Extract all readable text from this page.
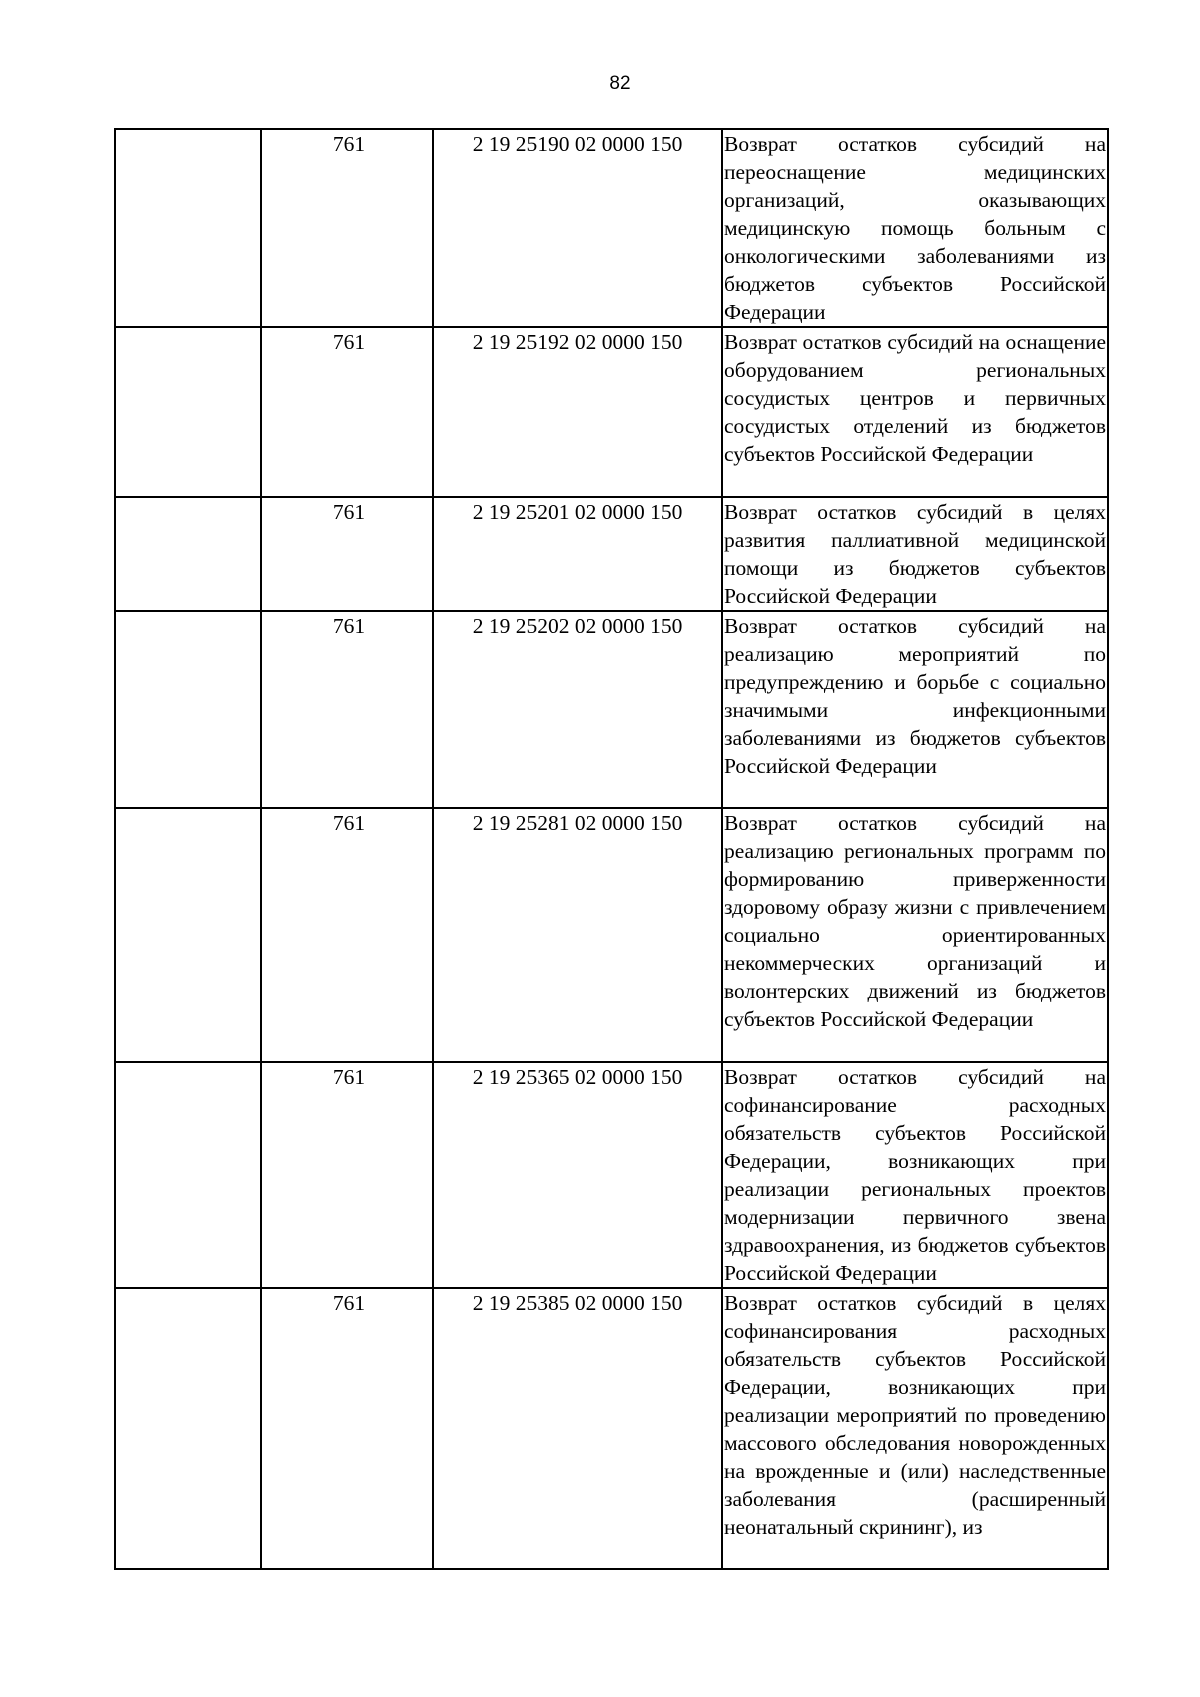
82
	761	2 19 25190 02 0000 150	Возврат остатков субсидий на переоснащение медицинских организаций, оказывающих медицинскую помощь больным с онкологическими заболеваниями из бюджетов субъектов Российской Федерации
	761	2 19 25192 02 0000 150	Возврат остатков субсидий на оснащение оборудованием региональных сосудистых центров и первичных сосудистых отделений из бюджетов субъектов Российской Федерации
	761	2 19 25201 02 0000 150	Возврат остатков субсидий в целях развития паллиативной медицинской помощи из бюджетов субъектов Российской Федерации
	761	2 19 25202 02 0000 150	Возврат остатков субсидий на реализацию мероприятий по предупреждению и борьбе с социально значимыми инфекционными заболеваниями из бюджетов субъектов Российской Федерации
	761	2 19 25281 02 0000 150	Возврат остатков субсидий на реализацию региональных программ по формированию приверженности здоровому образу жизни с привлечением социально ориентированных некоммерческих организаций и волонтерских движений из бюджетов субъектов Российской Федерации
	761	2 19 25365 02 0000 150	Возврат остатков субсидий на софинансирование расходных обязательств субъектов Российской Федерации, возникающих при реализации региональных проектов модернизации первичного звена здравоохранения, из бюджетов субъектов Российской Федерации
	761	2 19 25385 02 0000 150	Возврат остатков субсидий в целях софинансирования расходных обязательств субъектов Российской Федерации, возникающих при реализации мероприятий по проведению массового обследования новорожденных на врожденные и (или) наследственные заболевания (расширенный неонатальный скрининг), из
